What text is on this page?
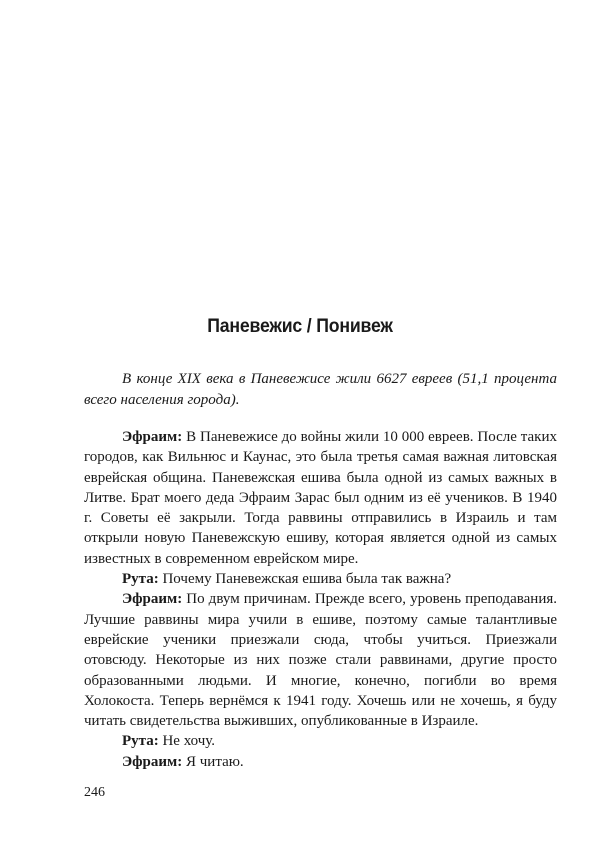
Паневежис / Понивеж

В конце XIX века в Паневежисе жили 6627 евреев (51,1 процента всего населения города).

Эфраим: В Паневежисе до войны жили 10 000 евреев. После таких городов, как Вильнюс и Каунас, это была третья самая важная литовская еврейская община. Паневежская ешива была одной из самых важных в Литве. Брат моего деда Эфраим Зарас был одним из её учеников. В 1940 г. Советы её закрыли. Тогда раввины отправились в Израиль и там открыли новую Паневежскую ешиву, которая является одной из самых известных в современном еврейском мире.

Рута: Почему Паневежская ешива была так важна?

Эфраим: По двум причинам. Прежде всего, уровень преподавания. Лучшие раввины мира учили в ешиве, поэтому самые талантливые еврейские ученики приезжали сюда, чтобы учиться. Приезжали отовсюду. Некоторые из них позже стали раввинами, другие просто образованными людьми. И многие, конечно, погибли во время Холокоста. Теперь вернёмся к 1941 году. Хочешь или не хочешь, я буду читать свидетельства выживших, опубликованные в Израиле.

Рута: Не хочу.

Эфраим: Я читаю.

246
